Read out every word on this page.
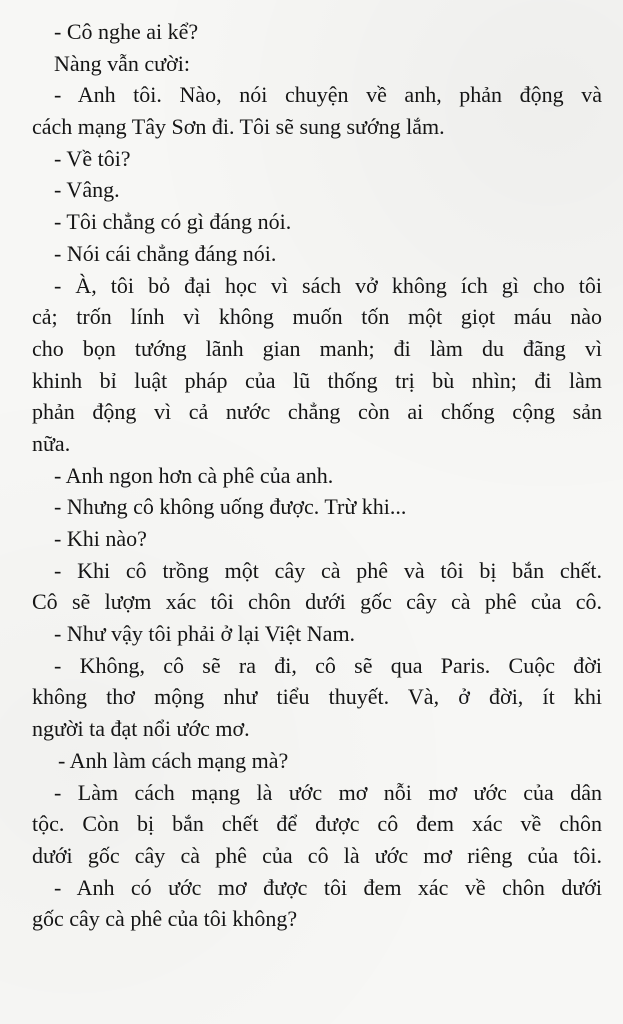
- Cô nghe ai kể?
Nàng vẫn cười:
- Anh tôi. Nào, nói chuyện về anh, phản động và
cách mạng Tây Sơn đi. Tôi sẽ sung sướng lắm.
- Về tôi?
- Vâng.
- Tôi chẳng có gì đáng nói.
- Nói cái chẳng đáng nói.
- À, tôi bỏ đại học vì sách vở không ích gì cho tôi
cả; trốn lính vì không muốn tốn một giọt máu nào
cho bọn tướng lãnh gian manh; đi làm du đãng vì
khinh bỉ luật pháp của lũ thống trị bù nhìn; đi làm
phản động vì cả nước chẳng còn ai chống cộng sản
nữa.
- Anh ngon hơn cà phê của anh.
- Nhưng cô không uống được. Trừ khi...
- Khi nào?
- Khi cô trồng một cây cà phê và tôi bị bắn chết.
Cô sẽ lượm xác tôi chôn dưới gốc cây cà phê của cô.
- Như vậy tôi phải ở lại Việt Nam.
- Không, cô sẽ ra đi, cô sẽ qua Paris. Cuộc đời
không thơ mộng như tiểu thuyết. Và, ở đời, ít khi
người ta đạt nổi ước mơ.
- Anh làm cách mạng mà?
- Làm cách mạng là ước mơ nỗi mơ ước của dân
tộc. Còn bị bắn chết để được cô đem xác về chôn
dưới gốc cây cà phê của cô là ước mơ riêng của tôi.
- Anh có ước mơ được tôi đem xác về chôn dưới
gốc cây cà phê của tôi không?
